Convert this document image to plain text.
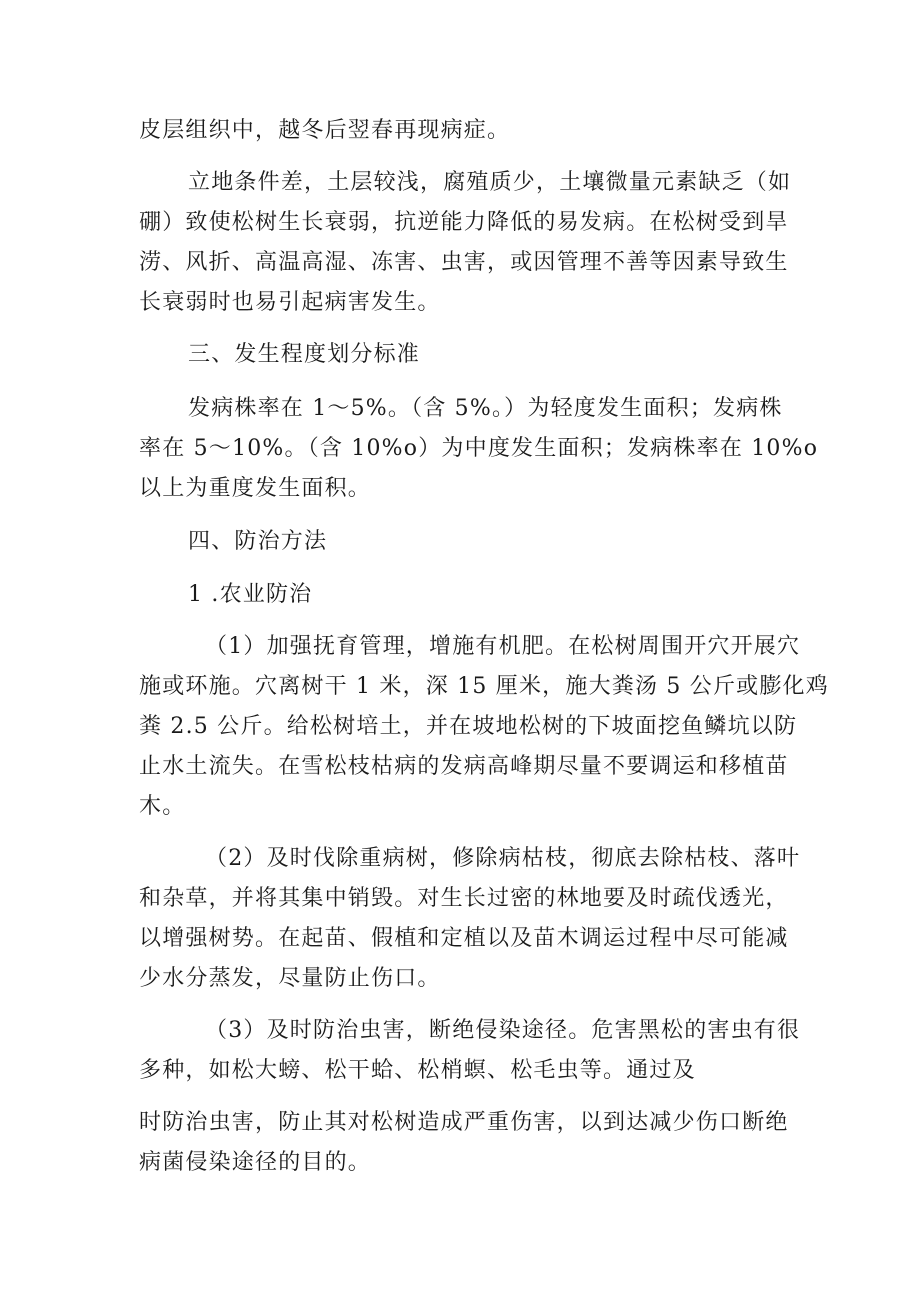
皮层组织中，越冬后翌春再现病症。
立地条件差，土层较浅，腐殖质少，土壤微量元素缺乏（如
硼）致使松树生长衰弱，抗逆能力降低的易发病。在松树受到旱
涝、风折、高温高湿、冻害、虫害，或因管理不善等因素导致生
长衰弱时也易引起病害发生。
三、发生程度划分标准
发病株率在 1～5%。（含 5%。）为轻度发生面积；发病株
率在 5～10%。（含 10%o）为中度发生面积；发病株率在 10%o
以上为重度发生面积。
四、防治方法
1 .农业防治
（1）加强抚育管理，增施有机肥。在松树周围开穴开展穴
施或环施。穴离树干 1 米，深 15 厘米，施大粪汤 5 公斤或膨化鸡
粪 2.5 公斤。给松树培土，并在坡地松树的下坡面挖鱼鳞坑以防
止水土流失。在雪松枝枯病的发病高峰期尽量不要调运和移植苗
木。
（2）及时伐除重病树，修除病枯枝，彻底去除枯枝、落叶
和杂草，并将其集中销毁。对生长过密的林地要及时疏伐透光，
以增强树势。在起苗、假植和定植以及苗木调运过程中尽可能减
少水分蒸发，尽量防止伤口。
（3）及时防治虫害，断绝侵染途径。危害黑松的害虫有很
多种，如松大螃、松干蛤、松梢螟、松毛虫等。通过及
时防治虫害，防止其对松树造成严重伤害，以到达减少伤口断绝
病菌侵染途径的目的。
